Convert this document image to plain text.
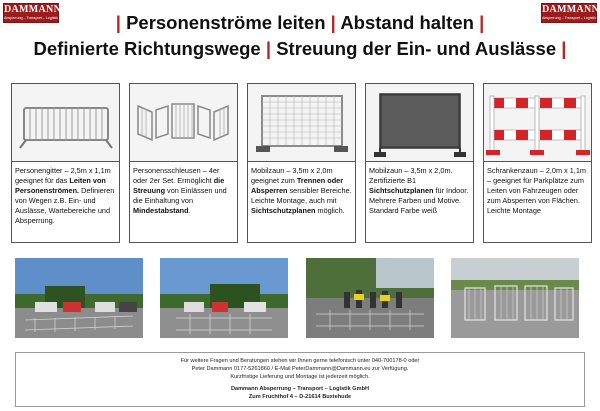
DAMMANN
Absperrung – Transport – Logistik
DAMMANN
Absperrung – Transport – Logistik
| Personenströme leiten | Abstand halten |
Definierte Richtungswege | Streuung der Ein- und Auslässe |
Personengitter – 2,5m x 1,1m geeignet für das Leiten von Personenströmen. Definieren von Wegen z.B. Ein- und Auslässe, Wartebereiche und Absperrung.
Personensschleusen – 4er oder 2er Set. Ermöglicht die Streuung von Einlässen und die Einhaltung von Mindestabstand.
Mobilzaun – 3,5m x 2,0m geeignet zum Trennen oder Absperren sensibler Bereiche. Leichte Montage, auch mit Sichtschutzplanen möglich.
Mobilzaun – 3,5m x 2,0m. Zertifizierte B1 Sichtschutzplanen für Indoor. Mehrere Farben und Motive. Standard Farbe weiß
Schrankenzaun – 2,0m x 1,1m – geeignet für Parkplätze zum Leiten von Fahrzeugen oder zum Absperren von Flächen. Leichte Montage
Für weitere Fragen und Beratungen stehen wir Ihnen gerne telefonisch unter 040-700178-0 oder
Peter Dammann 0177-5261860 / E-Mail PeterDammann@Dammann.eu zur Verfügung.
Kurzfristige Lieferung und Montage ist jederzeit möglich.
Dammann Absperrung – Transport – Logistik GmbH
Zum Fruchthof 4 – D-21614 Buxtehude
